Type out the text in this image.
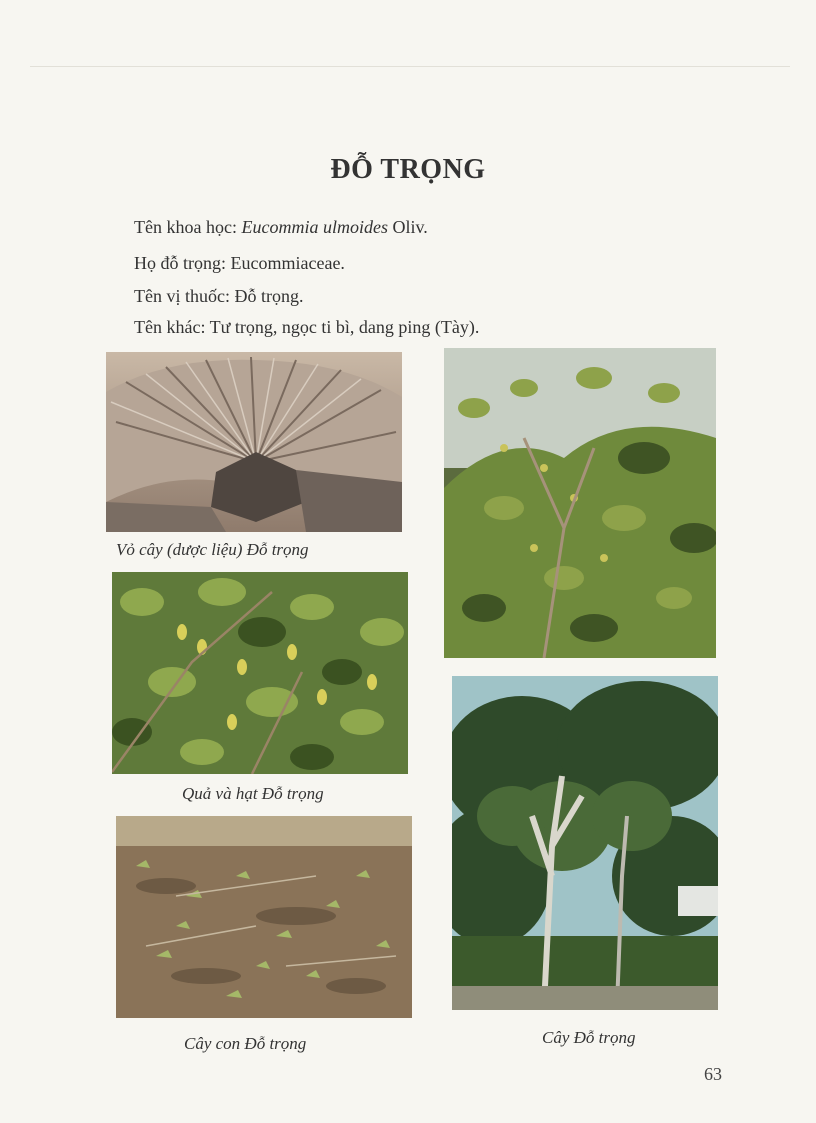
ĐỖ TRỌNG
Tên khoa học: Eucommia ulmoides Oliv.
Họ đỗ trọng: Eucommiaceae.
Tên vị thuốc: Đỗ trọng.
Tên khác: Tư trọng, ngọc ti bì, dang ping (Tày).
Vỏ cây (dược liệu) Đỗ trọng
Quả và hạt Đỗ trọng
Cây Đỗ trọng
Cây con Đỗ trọng
63
